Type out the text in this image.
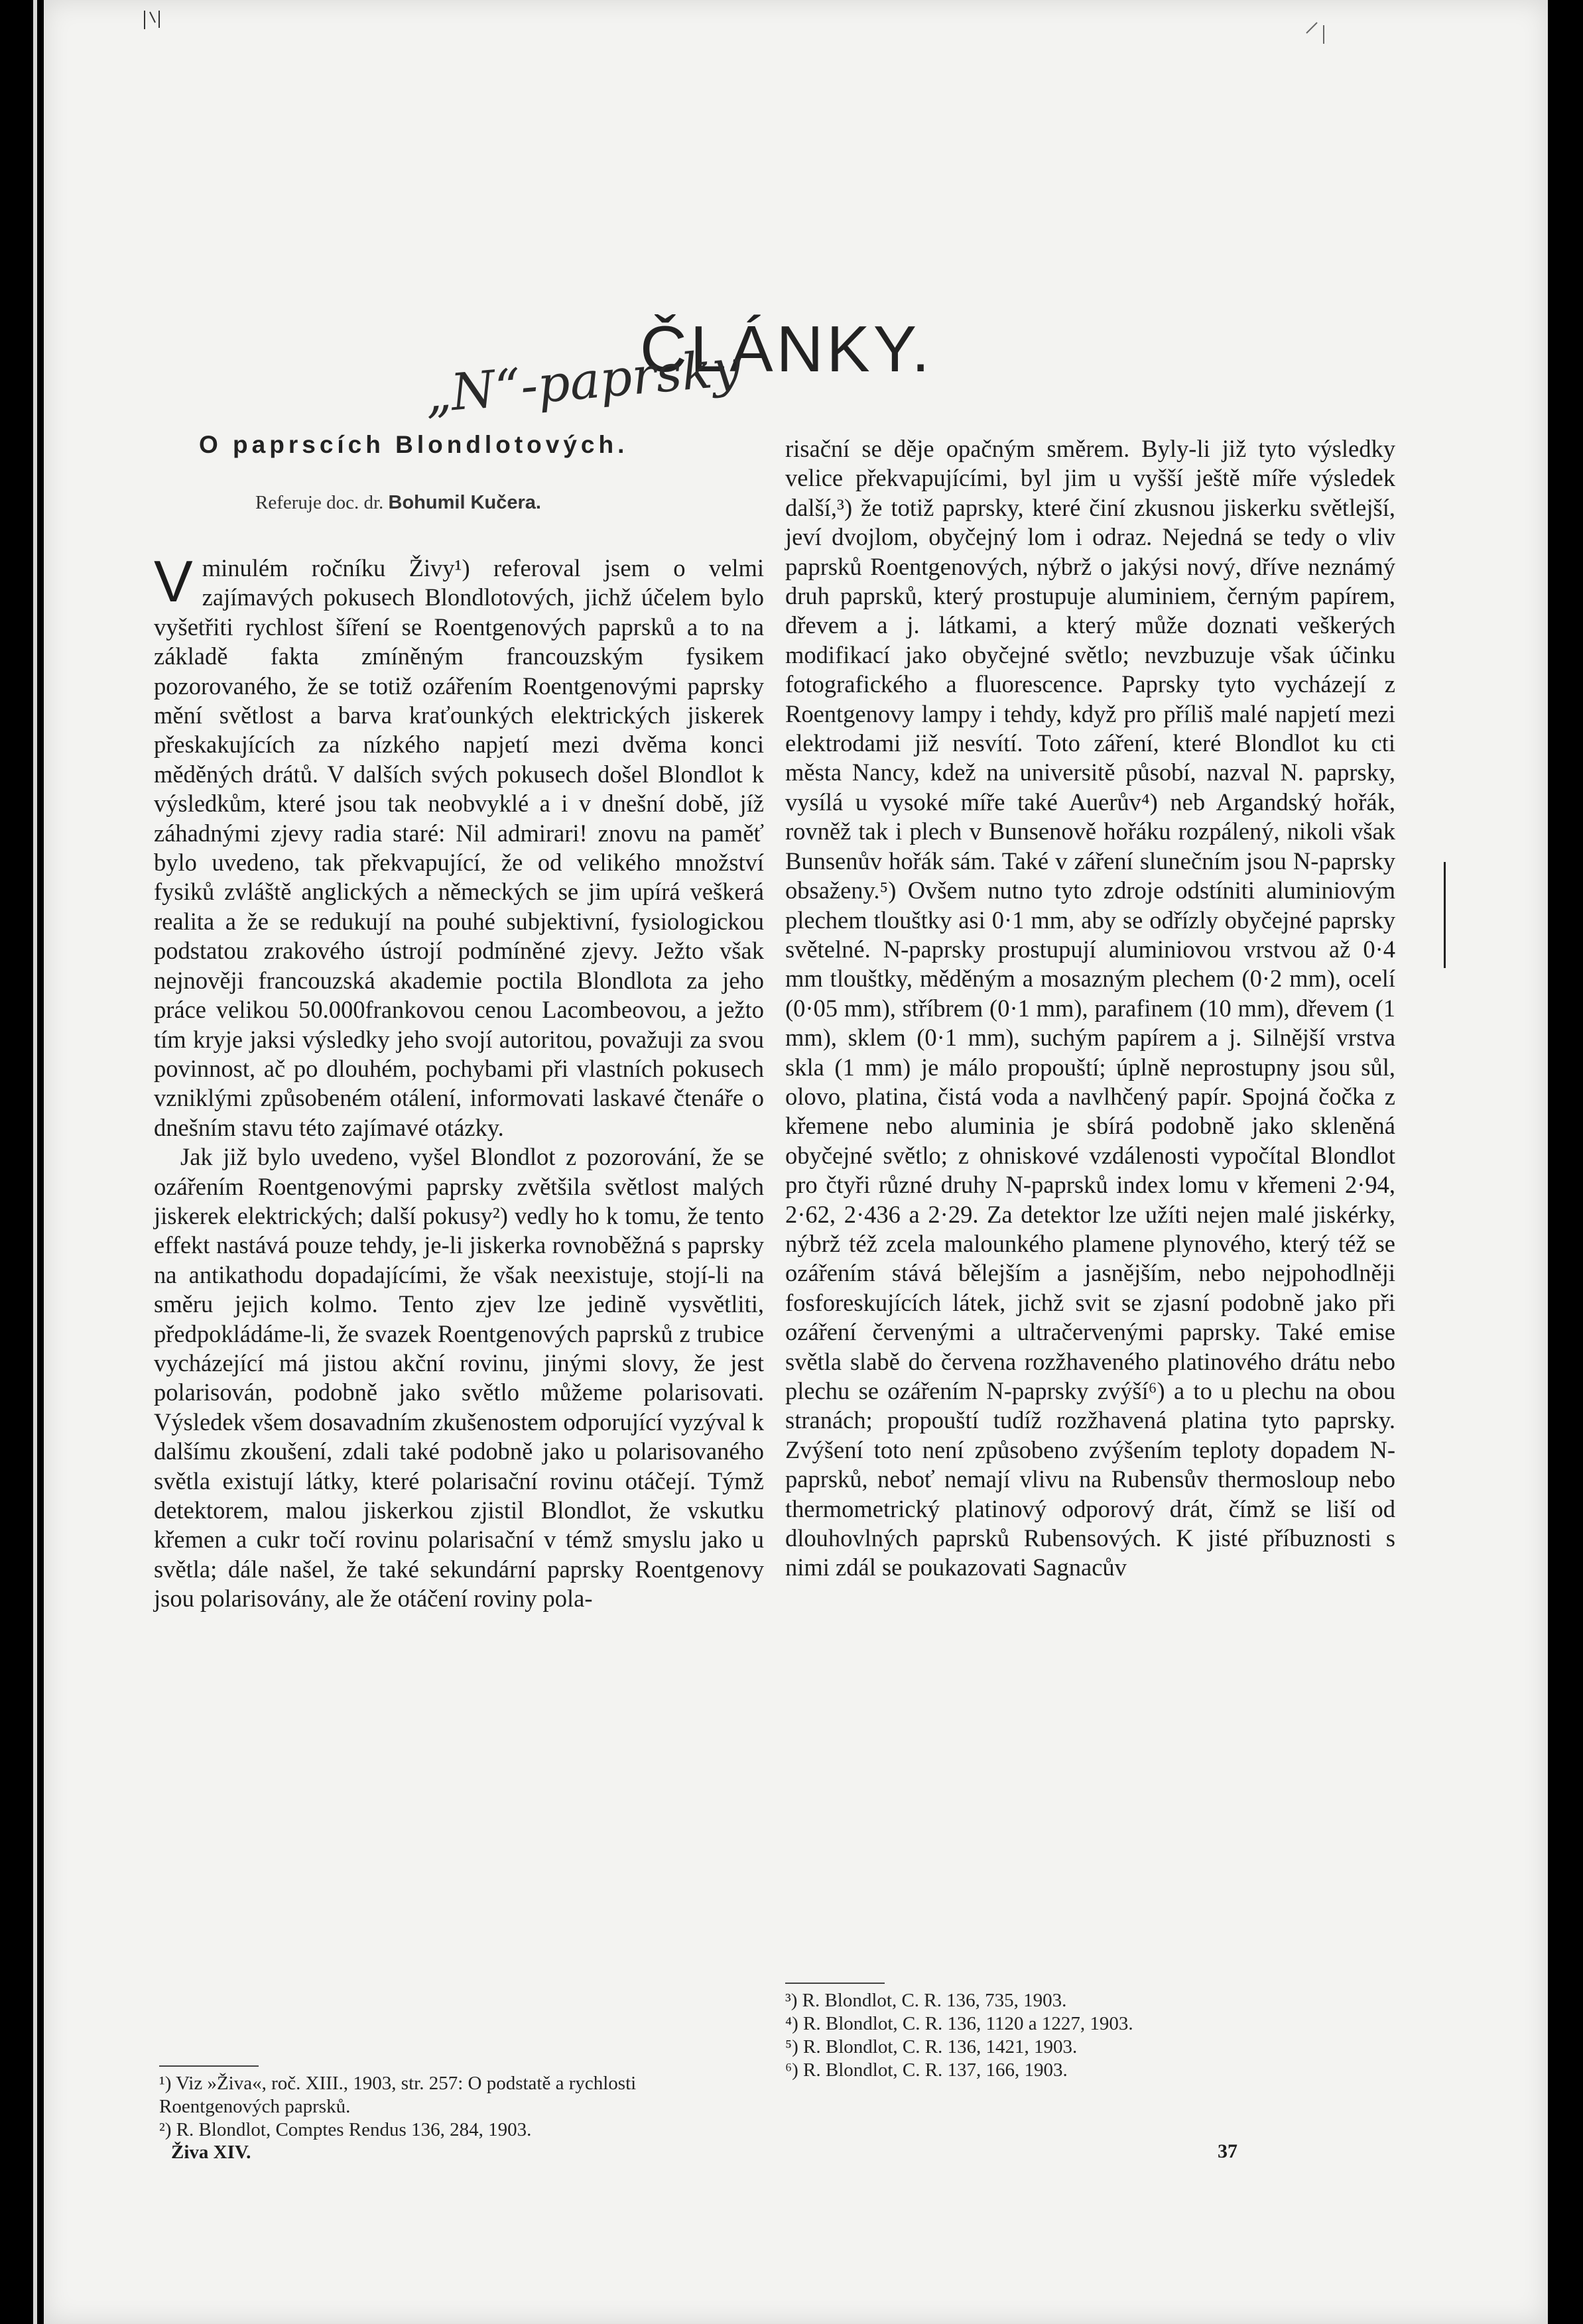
ČLÁNKY.
„N“-paprsky
O paprscích Blondlotových.
Referuje doc. dr. Bohumil Kučera.

V minulém ročníku Živy¹) referoval jsem o velmi zajímavých pokusech Blondlotových, jichž účelem bylo vyšetřiti rychlost šíření se Roentgenových paprsků a to na základě fakta zmíněným francouzským fysikem pozorovaného, že se totiž ozářením Roentgenovými paprsky mění světlost a barva kraťounkých elektrických jiskerek přeskakujících za nízkého napjetí mezi dvěma konci měděných drátů. V dalších svých pokusech došel Blondlot k výsledkům, které jsou tak neobvyklé a i v dnešní době, jíž záhadnými zjevy radia staré: Nil admirari! znovu na paměť bylo uvedeno, tak překvapující, že od velikého množství fysiků zvláště anglických a německých se jim upírá veškerá realita a že se redukují na pouhé subjektivní, fysiologickou podstatou zrakového ústrojí podmíněné zjevy. Ježto však nejnověji francouzská akademie poctila Blondlota za jeho práce velikou 50.000frankovou cenou Lacombeovou, a ježto tím kryje jaksi výsledky jeho svojí autoritou, považuji za svou povinnost, ač po dlouhém, pochybami při vlastních pokusech vzniklými způsobeném otálení, informovati laskavé čtenáře o dnešním stavu této zajímavé otázky.

Jak již bylo uvedeno, vyšel Blondlot z pozorování, že se ozářením Roentgenovými paprsky zvětšila světlost malých jiskerek elektrických; další pokusy²) vedly ho k tomu, že tento effekt nastává pouze tehdy, je-li jiskerka rovnoběžná s paprsky na antikathodu dopadajícími, že však neexistuje, stojí-li na směru jejich kolmo. Tento zjev lze jedině vysvětliti, předpokládáme-li, že svazek Roentgenových paprsků z trubice vycházející má jistou akční rovinu, jinými slovy, že jest polarisován, podobně jako světlo můžeme polarisovati. Výsledek všem dosavadním zkušenostem odporující vyzýval k dalšímu zkoušení, zdali také podobně jako u polarisovaného světla existují látky, které polarisační rovinu otáčejí. Týmž detektorem, malou jiskerkou zjistil Blondlot, že vskutku křemen a cukr točí rovinu polarisační v témž smyslu jako u světla; dále našel, že také sekundární paprsky Roentgenovy jsou polarisovány, ale že otáčení roviny pola-

risační se děje opačným směrem. Byly-li již tyto výsledky velice překvapujícími, byl jim u vyšší ještě míře výsledek další,³) že totiž paprsky, které činí zkusnou jiskerku světlejší, jeví dvojlom, obyčejný lom i odraz. Nejedná se tedy o vliv paprsků Roentgenových, nýbrž o jakýsi nový, dříve neznámý druh paprsků, který prostupuje aluminiem, černým papírem, dřevem a j. látkami, a který může doznati veškerých modifikací jako obyčejné světlo; nevzbuzuje však účinku fotografického a fluorescence. Paprsky tyto vycházejí z Roentgenovy lampy i tehdy, když pro příliš malé napjetí mezi elektrodami již nesvítí. Toto záření, které Blondlot ku cti města Nancy, kdež na universitě působí, nazval N. paprsky, vysílá u vysoké míře také Auerův⁴) neb Argandský hořák, rovněž tak i plech v Bunsenově hořáku rozpálený, nikoli však Bunsenův hořák sám. Také v záření slunečním jsou N-paprsky obsaženy.⁵) Ovšem nutno tyto zdroje odstíniti aluminiovým plechem tlouštky asi 0·1 mm, aby se odřízly obyčejné paprsky světelné. N-paprsky prostupují aluminiovou vrstvou až 0·4 mm tlouštky, měděným a mosazným plechem (0·2 mm), ocelí (0·05 mm), stříbrem (0·1 mm), parafinem (10 mm), dřevem (1 mm), sklem (0·1 mm), suchým papírem a j. Silnější vrstva skla (1 mm) je málo propouští; úplně neprostupny jsou sůl, olovo, platina, čistá voda a navlhčený papír. Spojná čočka z křemene nebo aluminia je sbírá podobně jako skleněná obyčejné světlo; z ohniskové vzdálenosti vypočítal Blondlot pro čtyři různé druhy N-paprsků index lomu v křemeni 2·94, 2·62, 2·436 a 2·29. Za detektor lze užíti nejen malé jiskérky, nýbrž též zcela malounkého plamene plynového, který též se ozářením stává bělejším a jasnějším, nebo nejpohodlněji fosforeskujících látek, jichž svit se zjasní podobně jako při ozáření červenými a ultračervenými paprsky. Také emise světla slabě do červena rozžhaveného platinového drátu nebo plechu se ozářením N-paprsky zvýší⁶) a to u plechu na obou stranách; propouští tudíž rozžhavená platina tyto paprsky. Zvýšení toto není způsobeno zvýšením teploty dopadem N-paprsků, neboť nemají vlivu na Rubensův thermosloup nebo thermometrický platinový odporový drát, čímž se liší od dlouhovlných paprsků Rubensových. K jisté příbuznosti s nimi zdál se poukazovati Sagnacův

¹) Viz »Živa«, roč. XIII., 1903, str. 257: O podstatě a rychlosti Roentgenových paprsků.

²) R. Blondlot, Comptes Rendus 136, 284, 1903.

³) R. Blondlot, C. R. 136, 735, 1903.

⁴) R. Blondlot, C. R. 136, 1120 a 1227, 1903.

⁵) R. Blondlot, C. R. 136, 1421, 1903.

⁶) R. Blondlot, C. R. 137, 166, 1903.

Živa XIV.	37
